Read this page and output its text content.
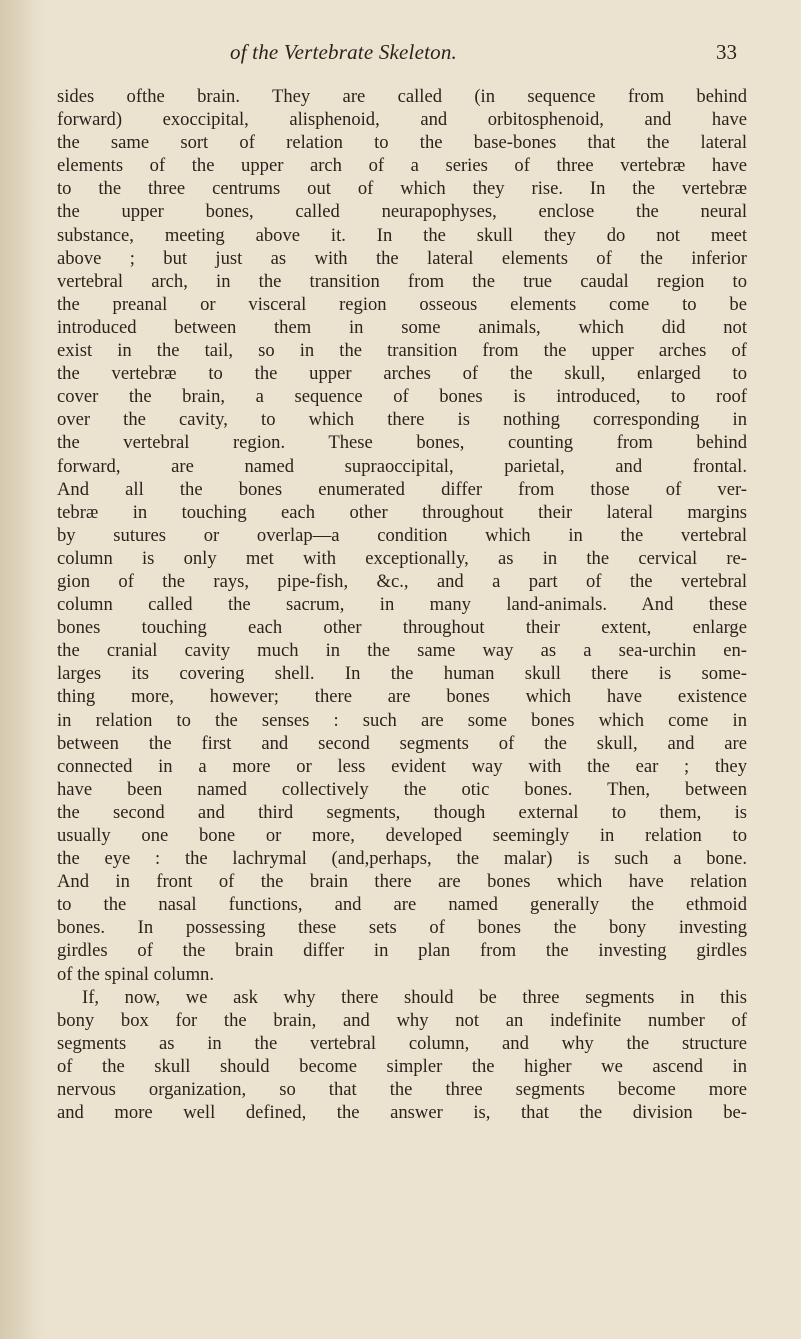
of the Vertebrate Skeleton.	33
sides ofthe brain. They are called (in sequence from behind
forward) exoccipital, alisphenoid, and orbitosphenoid, and have
the same sort of relation to the base-bones that the lateral
elements of the upper arch of a series of three vertebræ have
to the three centrums out of which they rise. In the vertebræ
the upper bones, called neurapophyses, enclose the neural
substance, meeting above it. In the skull they do not meet
above ; but just as with the lateral elements of the inferior
vertebral arch, in the transition from the true caudal region to
the preanal or visceral region osseous elements come to be
introduced between them in some animals, which did not
exist in the tail, so in the transition from the upper arches of
the vertebræ to the upper arches of the skull, enlarged to
cover the brain, a sequence of bones is introduced, to roof
over the cavity, to which there is nothing corresponding in
the vertebral region. These bones, counting from behind
forward, are named supraoccipital, parietal, and frontal.
And all the bones enumerated differ from those of ver-
tebræ in touching each other throughout their lateral margins
by sutures or overlap—a condition which in the vertebral
column is only met with exceptionally, as in the cervical re-
gion of the rays, pipe-fish, &c., and a part of the vertebral
column called the sacrum, in many land-animals. And these
bones touching each other throughout their extent, enlarge
the cranial cavity much in the same way as a sea-urchin en-
larges its covering shell. In the human skull there is some-
thing more, however; there are bones which have existence
in relation to the senses : such are some bones which come in
between the first and second segments of the skull, and are
connected in a more or less evident way with the ear ; they
have been named collectively the otic bones. Then, between
the second and third segments, though external to them, is
usually one bone or more, developed seemingly in relation to
the eye : the lachrymal (and,perhaps, the malar) is such a bone.
And in front of the brain there are bones which have relation
to the nasal functions, and are named generally the ethmoid
bones. In possessing these sets of bones the bony investing
girdles of the brain differ in plan from the investing girdles
of the spinal column.
If, now, we ask why there should be three segments in this
bony box for the brain, and why not an indefinite number of
segments as in the vertebral column, and why the structure
of the skull should become simpler the higher we ascend in
nervous organization, so that the three segments become more
and more well defined, the answer is, that the division be-
